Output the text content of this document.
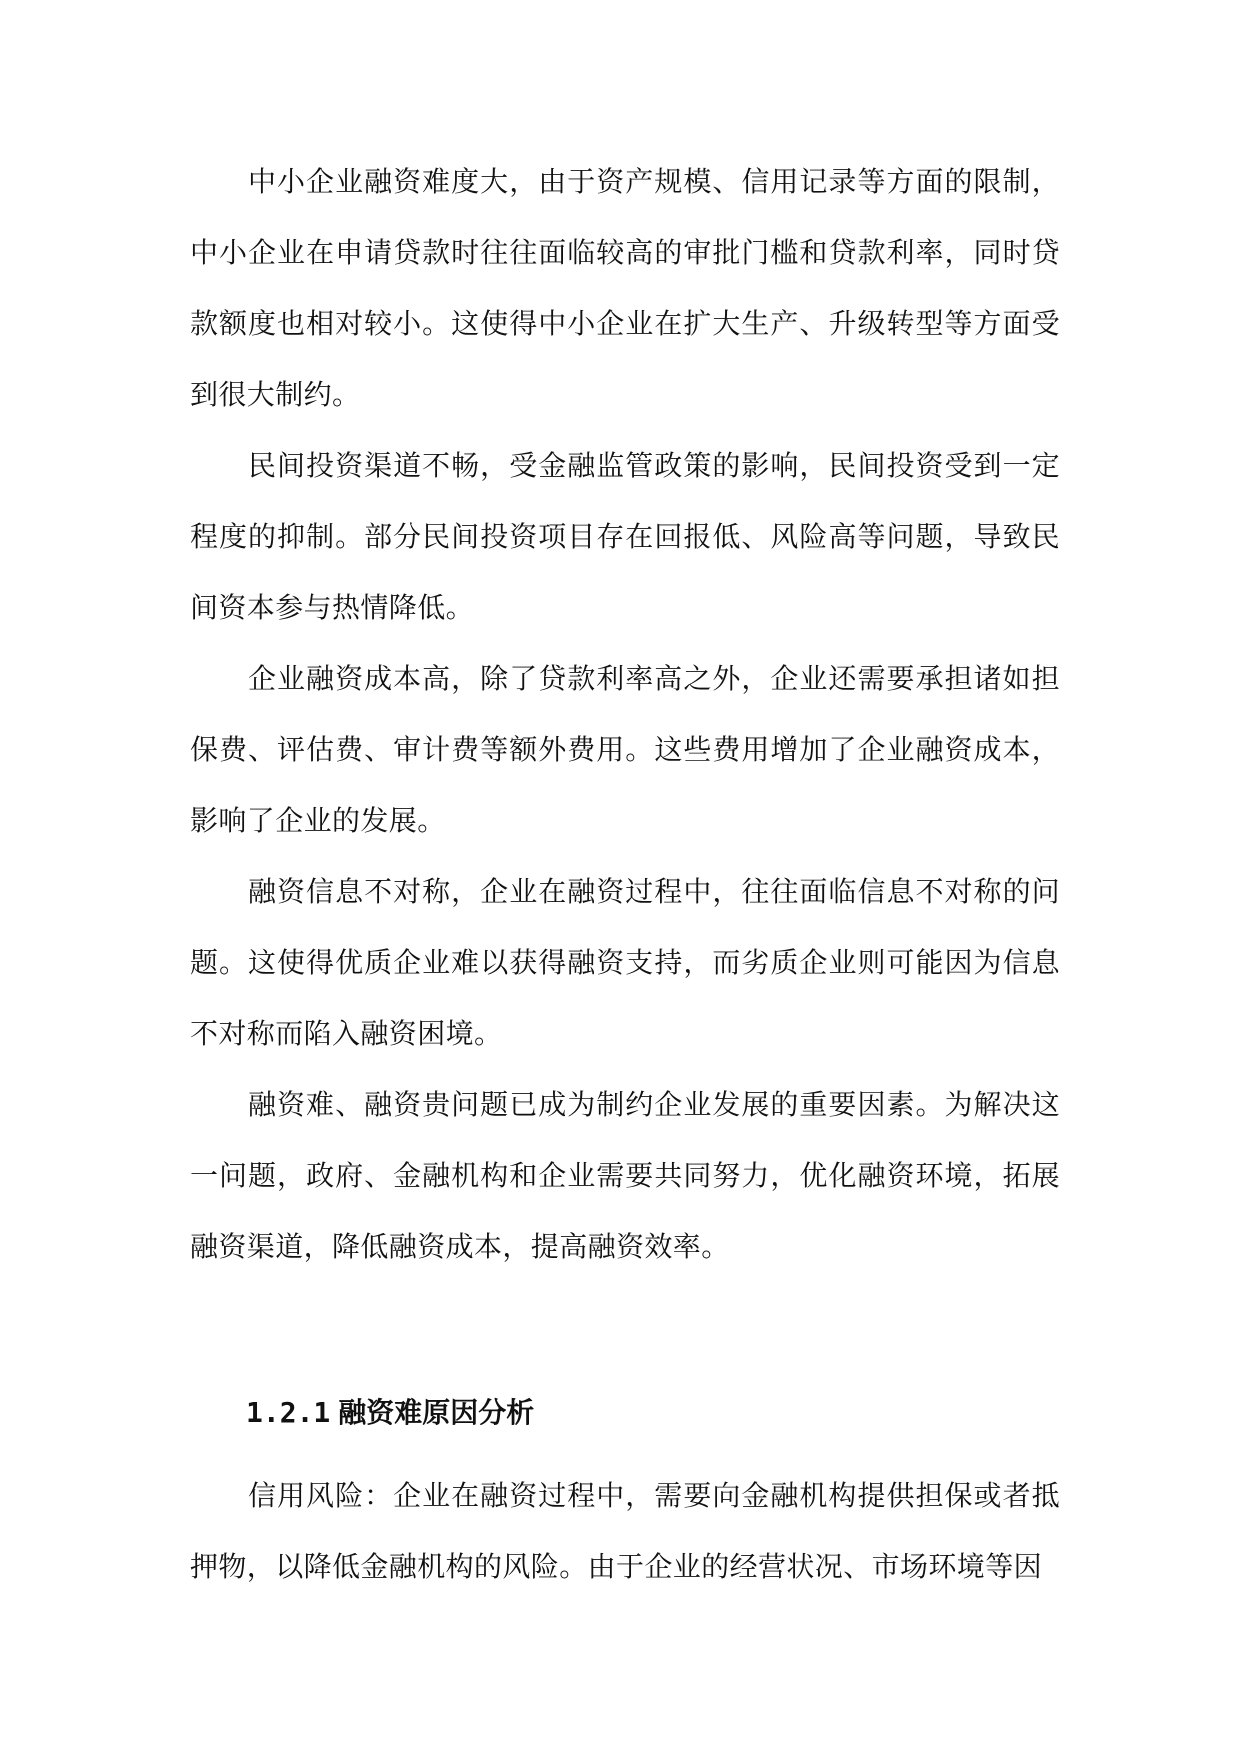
中小企业融资难度大，由于资产规模、信用记录等方面的限制，中小企业在申请贷款时往往面临较高的审批门槛和贷款利率，同时贷款额度也相对较小。这使得中小企业在扩大生产、升级转型等方面受到很大制约。

民间投资渠道不畅，受金融监管政策的影响，民间投资受到一定程度的抑制。部分民间投资项目存在回报低、风险高等问题，导致民间资本参与热情降低。

企业融资成本高，除了贷款利率高之外，企业还需要承担诸如担保费、评估费、审计费等额外费用。这些费用增加了企业融资成本，影响了企业的发展。

融资信息不对称，企业在融资过程中，往往面临信息不对称的问题。这使得优质企业难以获得融资支持，而劣质企业则可能因为信息不对称而陷入融资困境。

融资难、融资贵问题已成为制约企业发展的重要因素。为解决这一问题，政府、金融机构和企业需要共同努力，优化融资环境，拓展融资渠道，降低融资成本，提高融资效率。

1.2.1 融资难原因分析

信用风险：企业在融资过程中，需要向金融机构提供担保或者抵押物，以降低金融机构的风险。由于企业的经营状况、市场环境等因
